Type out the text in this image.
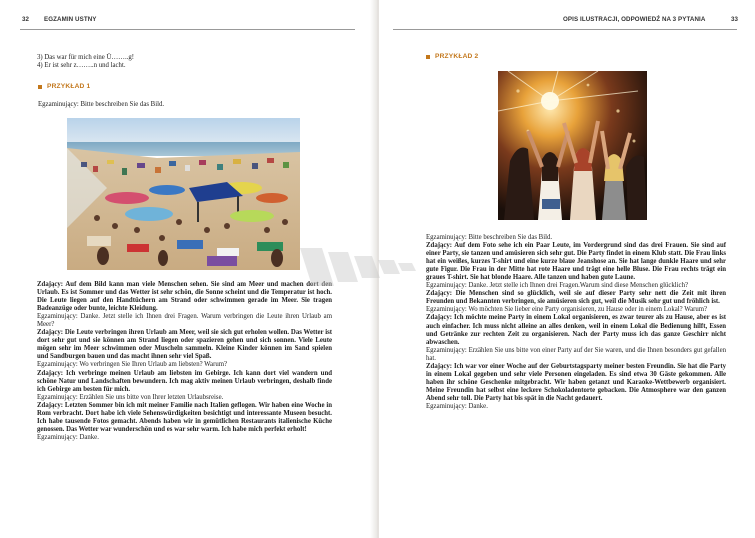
32 EGZAMIN USTNY

3) Das war für mich eine Ü……..g!

4) Er ist sehr z……..n und lacht.

PRZYKŁAD 1
Egzaminujący: Bitte beschreiben Sie das Bild.

Zdający: Auf dem Bild kann man viele Menschen sehen. Sie sind am Meer und machen dort den Urlaub. Es ist Sommer und das Wetter ist sehr schön, die Sonne scheint und die Temperatur ist hoch. Die Leute liegen auf den Handtüchern am Strand oder schwimmen gerade im Meer. Sie tragen Badeanzüge oder bunte, leichte Kleidung.

Egzaminujący: Danke. Jetzt stelle ich Ihnen drei Fragen. Warum verbringen die Leute ihren Urlaub am Meer?

Zdający: Die Leute verbringen ihren Urlaub am Meer, weil sie sich gut erholen wollen. Das Wetter ist dort sehr gut und sie können am Strand liegen oder spazieren gehen und sich sonnen. Viele Leute mögen sehr im Meer schwimmen oder Muscheln sammeln. Kleine Kinder können im Sand spielen und Sandburgen bauen und das macht ihnen sehr viel Spaß.

Egzaminujący: Wo verbringen Sie Ihren Urlaub am liebsten? Warum?

Zdający: Ich verbringe meinen Urlaub am liebsten im Gebirge. Ich kann dort viel wandern und schöne Natur und Landschaften bewundern. Ich mag aktiv meinen Urlaub verbringen, deshalb finde ich Gebirge am besten für mich.

Egzaminujący: Erzählen Sie uns bitte von Ihrer letzten Urlaubsreise.

Zdający: Letzten Sommer bin ich mit meiner Familie nach Italien geflogen. Wir haben eine Woche in Rom verbracht. Dort habe ich viele Sehenswürdigkeiten besichtigt und interessante Museen besucht. Ich habe tausende Fotos gemacht. Abends haben wir in gemütlichen Restaurants italienische Küche genossen. Das Wetter war wunderschön und es war sehr warm. Ich habe mich perfekt erholt!

Egzaminujący: Danke.

OPIS ILUSTRACJI, ODPOWIEDŹ NA 3 PYTANIA	33
PRZYKŁAD 2

Egzaminujący: Bitte beschreiben Sie das Bild.

Zdający: Auf dem Foto sehe ich ein Paar Leute, im Vordergrund sind das drei Frauen. Sie sind auf einer Party, sie tanzen und amüsieren sich sehr gut. Die Party findet in einem Klub statt. Die Frau links hat ein weißes, kurzes T-shirt und eine kurze blaue Jeanshose an. Sie hat lange dunkle Haare und sehr gute Figur. Die Frau in der Mitte hat rote Haare und trägt eine helle Bluse. Die Frau rechts trägt ein graues T-shirt. Sie hat blonde Haare. Alle tanzen und haben gute Laune.

Egzaminujący: Danke. Jetzt stelle ich Ihnen drei Fragen.Warum sind diese Menschen glücklich?

Zdający: Die Menschen sind so glücklich, weil sie auf dieser Party sehr nett die Zeit mit ihren Freunden und Bekannten verbringen, sie amüsieren sich gut, weil die Musik sehr gut und fröhlich ist.

Egzaminujący: Wo möchten Sie lieber eine Party organisieren, zu Hause oder in einem Lokal? Warum?

Zdający: Ich möchte meine Party in einem Lokal organisieren, es zwar teurer als zu Hause, aber es ist auch einfacher. Ich muss nicht alleine an alles denken, weil in einem Lokal die Bedienung hilft, Essen und Getränke zur rechten Zeit zu organisieren. Nach der Party muss ich das ganze Geschirr nicht abwaschen.

Egzaminujący: Erzählen Sie uns bitte von einer Party auf der Sie waren, und die Ihnen besonders gut gefallen hat.

Zdający: Ich war vor einer Woche auf der Geburtstagsparty meiner besten Freundin. Sie hat die Party in einem Lokal gegeben und sehr viele Personen eingeladen. Es sind etwa 30 Gäste gekommen. Alle haben ihr schöne Geschenke mitgebracht. Wir haben getanzt und Karaoke-Wettbewerb organisiert. Meine Freundin hat selbst eine leckere Schokoladentorte gebacken. Die Atmosphere war den ganzen Abend sehr toll. Die Party hat bis spät in die Nacht gedauert.

Egzaminujący: Danke.
